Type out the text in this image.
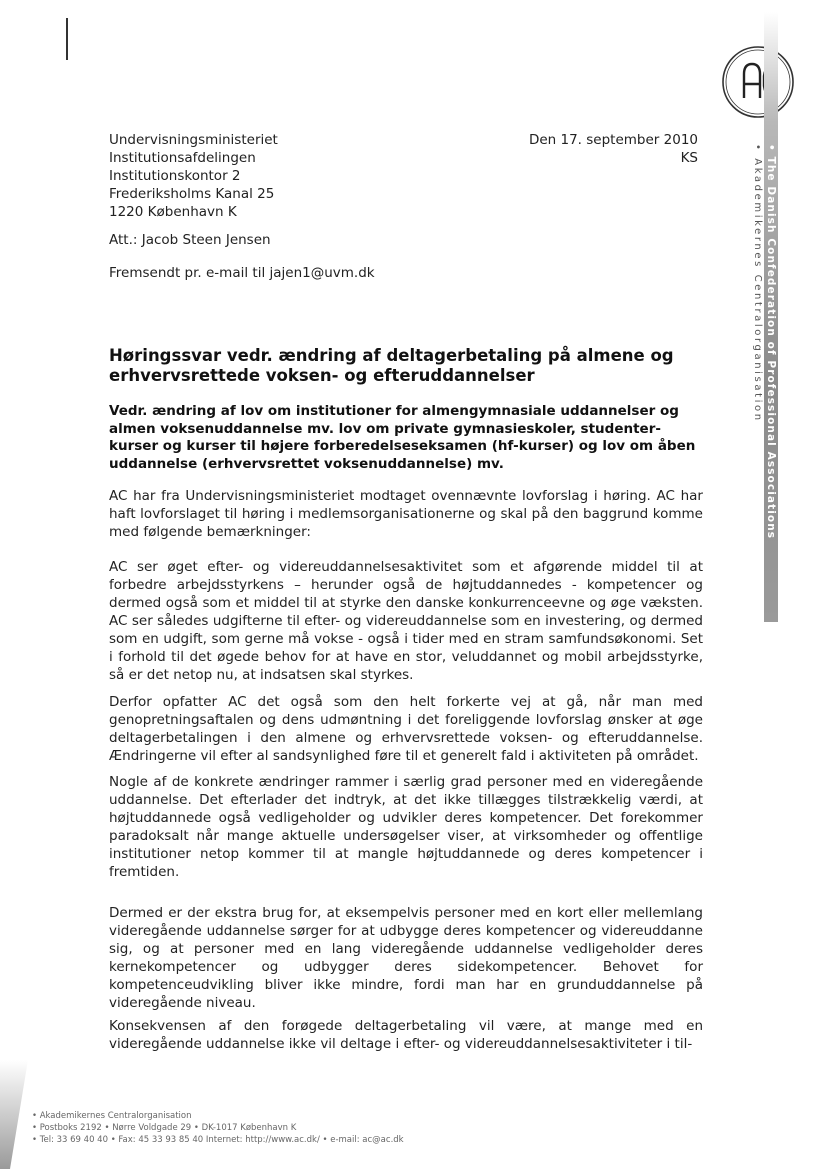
• The Danish Confederation of Professional Associations
• Akademikernes Centralorganisation
Undervisningsministeriet
Institutionsafdelingen
Institutionskontor 2
Frederiksholms Kanal 25
1220 København K
Den 17. september 2010
KS
Att.: Jacob Steen Jensen
Fremsendt pr. e-mail til jajen1@uvm.dk
Høringssvar vedr. ændring af deltagerbetaling på almene og erhvervsrettede voksen- og efteruddannelser
Vedr. ændring af lov om institutioner for almengymnasiale uddannelser og almen voksenuddannelse mv. lov om private gymnasieskoler, studenter-kurser og kurser til højere forberedelseseksamen (hf-kurser) og lov om åben uddannelse (erhvervsrettet voksenuddannelse) mv.
AC har fra Undervisningsministeriet modtaget ovennævnte lovforslag i høring. AC har haft lovforslaget til høring i medlemsorganisationerne og skal på den baggrund komme med følgende bemærkninger:
AC ser øget efter- og videreuddannelsesaktivitet som et afgørende middel til at forbedre arbejdsstyrkens – herunder også de højtuddannedes - kompetencer og dermed også som et middel til at styrke den danske konkurrenceevne og øge væksten. AC ser således udgifterne til efter- og videreuddannelse som en investering, og dermed som en udgift, som gerne må vokse - også i tider med en stram samfundsøkonomi. Set i forhold til det øgede behov for at have en stor, veluddannet og mobil arbejdsstyrke, så er det netop nu, at indsatsen skal styrkes.
Derfor opfatter AC det også som den helt forkerte vej at gå, når man med genopretningsaftalen og dens udmøntning i det foreliggende lovforslag ønsker at øge deltagerbetalingen i den almene og erhvervsrettede voksen- og efteruddannelse. Ændringerne vil efter al sandsynlighed føre til et generelt fald i aktiviteten på området.
Nogle af de konkrete ændringer rammer i særlig grad personer med en videregående uddannelse. Det efterlader det indtryk, at det ikke tillægges tilstrækkelig værdi, at højtuddannede også vedligeholder og udvikler deres kompetencer. Det forekommer paradoksalt når mange aktuelle undersøgelser viser, at virksomheder og offentlige institutioner netop kommer til at mangle højtuddannede og deres kompetencer i fremtiden.
Dermed er der ekstra brug for, at eksempelvis personer med en kort eller mellemlang videregående uddannelse sørger for at udbygge deres kompetencer og videreuddanne sig, og at personer med en lang videregående uddannelse vedligeholder deres kernekompetencer og udbygger deres sidekompetencer. Behovet for kompetenceudvikling bliver ikke mindre, fordi man har en grunduddannelse på videregående niveau.
Konsekvensen af den forøgede deltagerbetaling vil være, at mange med en videregående uddannelse ikke vil deltage i efter- og videreuddannelsesaktiviteter i til-
• Akademikernes Centralorganisation
• Postboks 2192 • Nørre Voldgade 29 • DK-1017 København K
• Tel: 33 69 40 40 • Fax: 45 33 93 85 40 Internet: http://www.ac.dk/ • e-mail: ac@ac.dk
